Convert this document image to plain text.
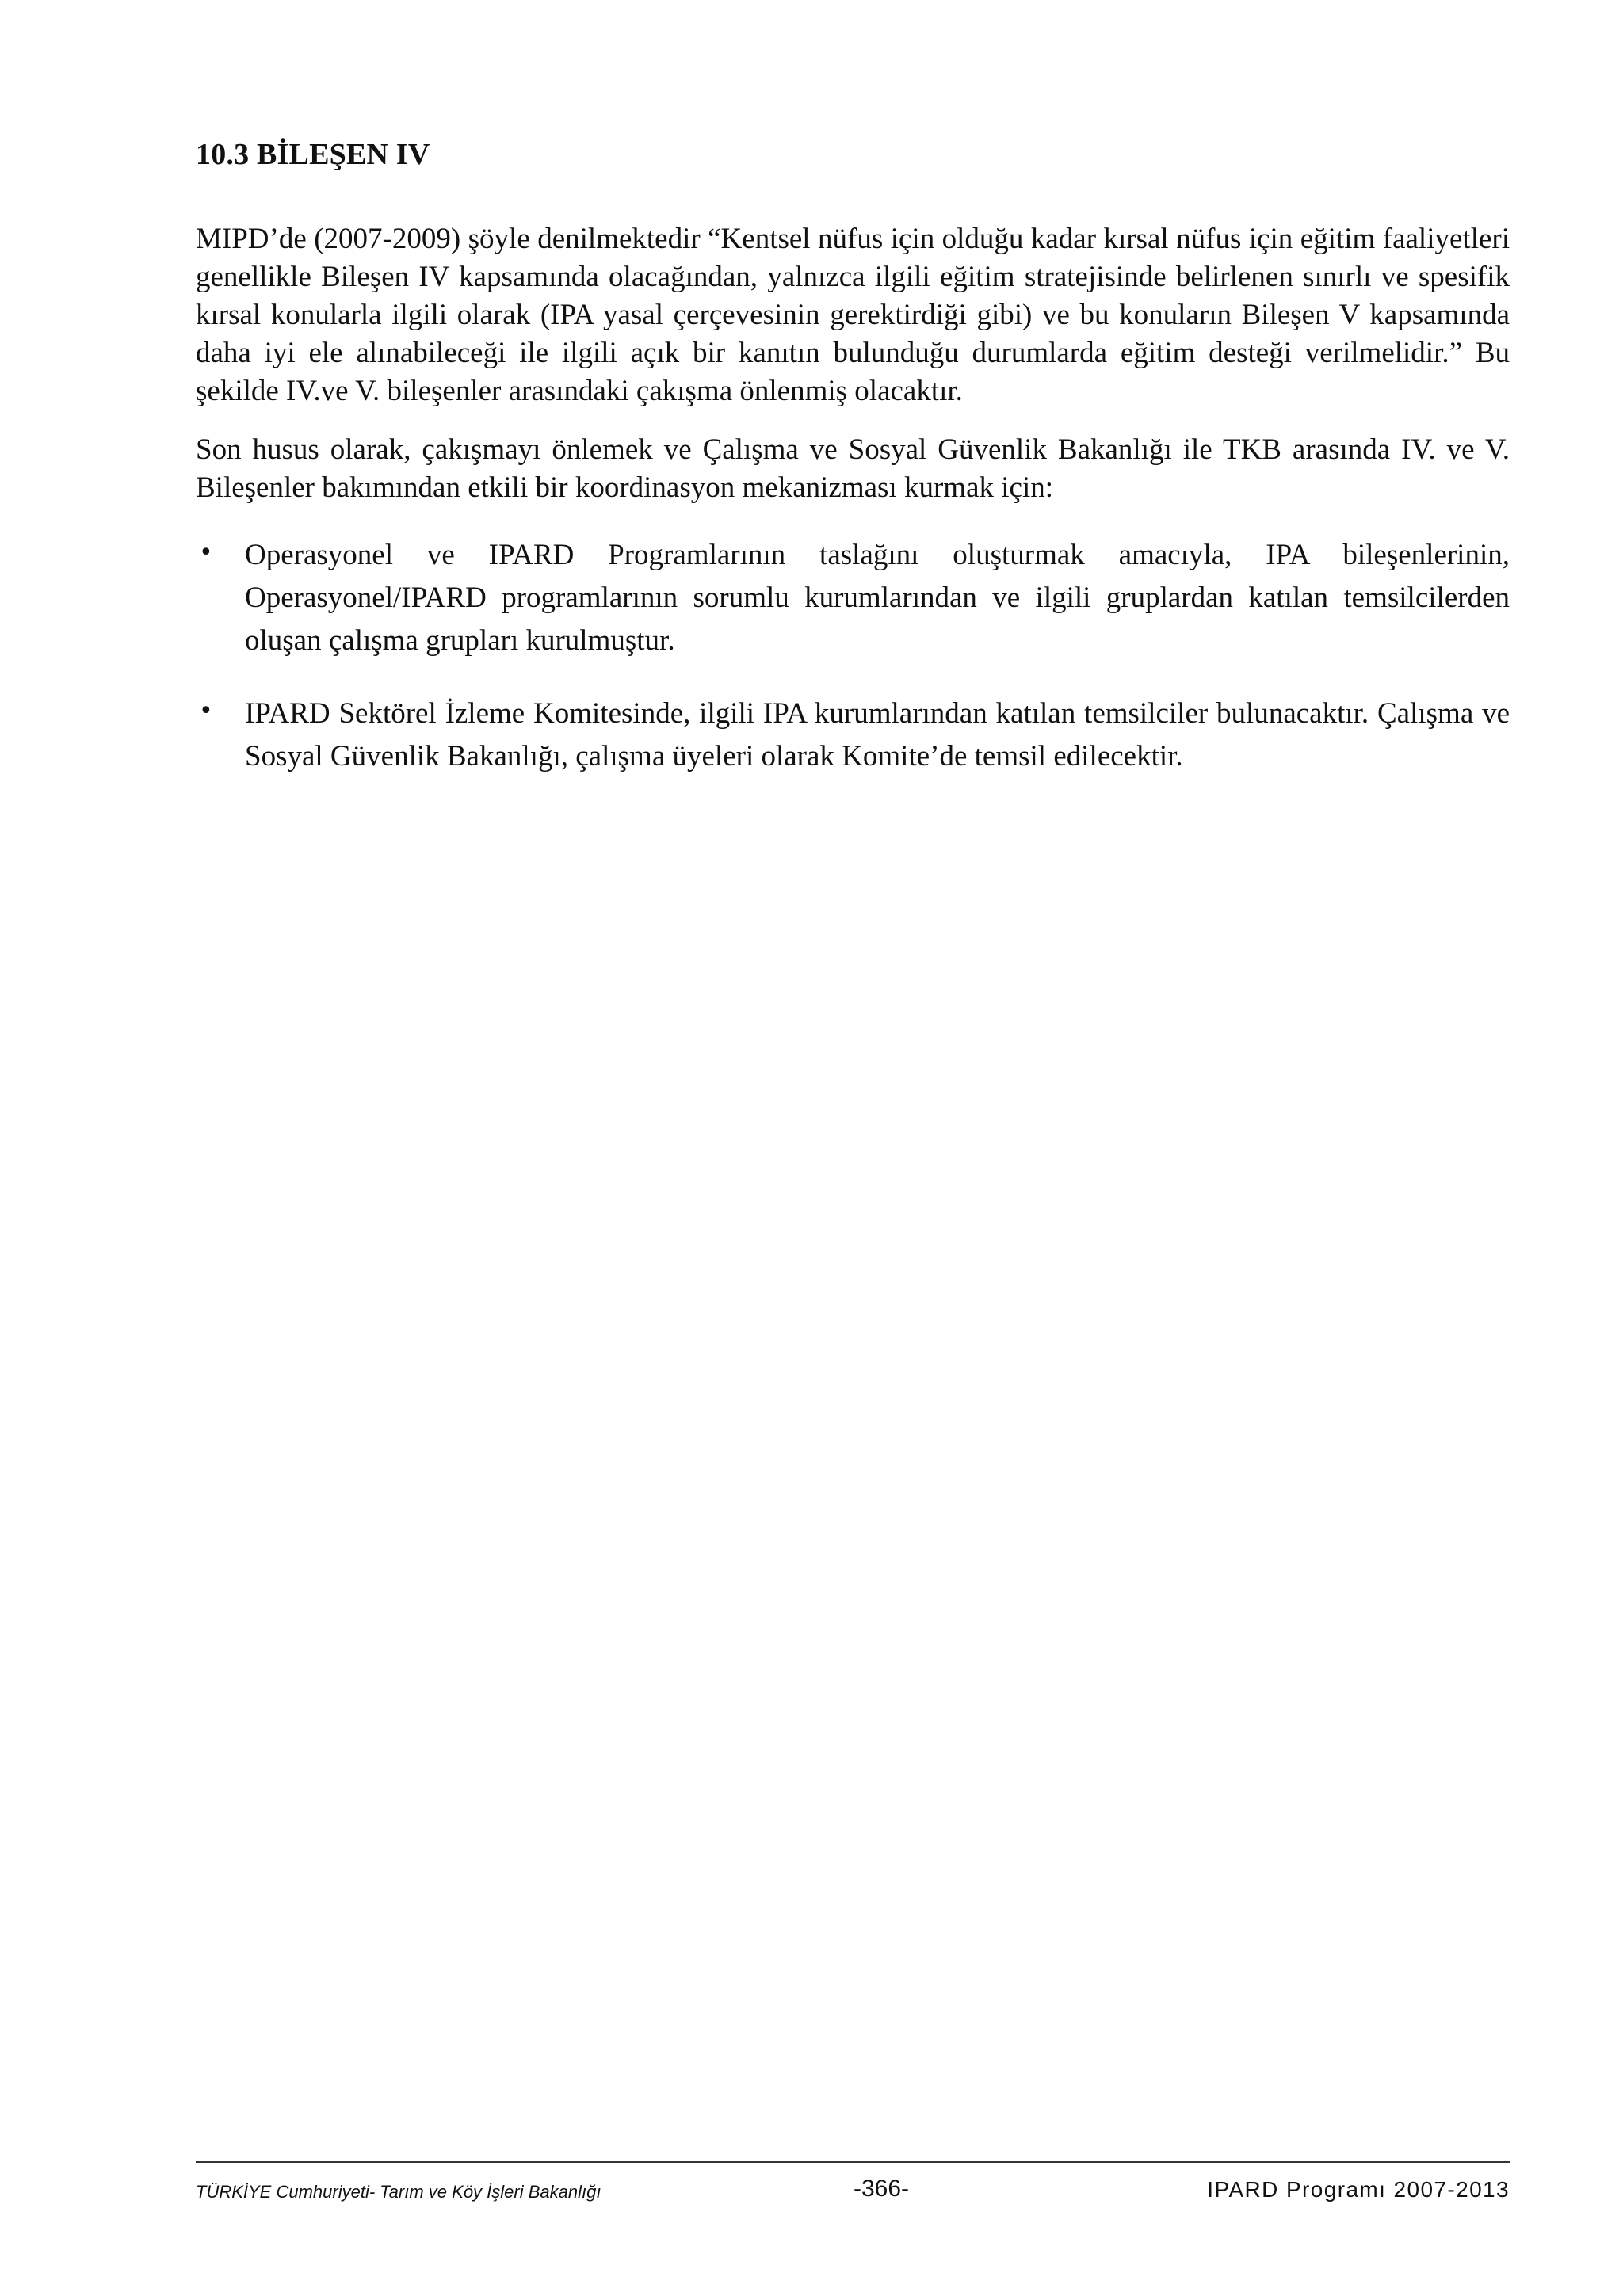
10.3 BİLEŞEN IV

MIPD’de (2007-2009) şöyle denilmektedir “Kentsel nüfus için olduğu kadar kırsal nüfus için eğitim faaliyetleri genellikle Bileşen IV kapsamında olacağından, yalnızca ilgili eğitim stratejisinde belirlenen sınırlı ve spesifik kırsal konularla ilgili olarak (IPA yasal çerçevesinin gerektirdiği gibi) ve bu konuların Bileşen V kapsamında daha iyi ele alınabileceği ile ilgili açık bir kanıtın bulunduğu durumlarda eğitim desteği verilmelidir.” Bu şekilde IV.ve V. bileşenler arasındaki çakışma önlenmiş olacaktır.

Son husus olarak, çakışmayı önlemek ve Çalışma ve Sosyal Güvenlik Bakanlığı ile TKB arasında IV. ve V. Bileşenler bakımından etkili bir koordinasyon mekanizması kurmak için:

• Operasyonel ve IPARD Programlarının taslağını oluşturmak amacıyla, IPA bileşenlerinin, Operasyonel/IPARD programlarının sorumlu kurumlarından ve ilgili gruplardan katılan temsilcilerden oluşan çalışma grupları kurulmuştur.
• IPARD Sektörel İzleme Komitesinde, ilgili IPA kurumlarından katılan temsilciler bulunacaktır. Çalışma ve Sosyal Güvenlik Bakanlığı, çalışma üyeleri olarak Komite’de temsil edilecektir.
TÜRKİYE Cumhuriyeti- Tarım ve Köy İşleri Bakanlığı	-366-	IPARD Programı 2007-2013
